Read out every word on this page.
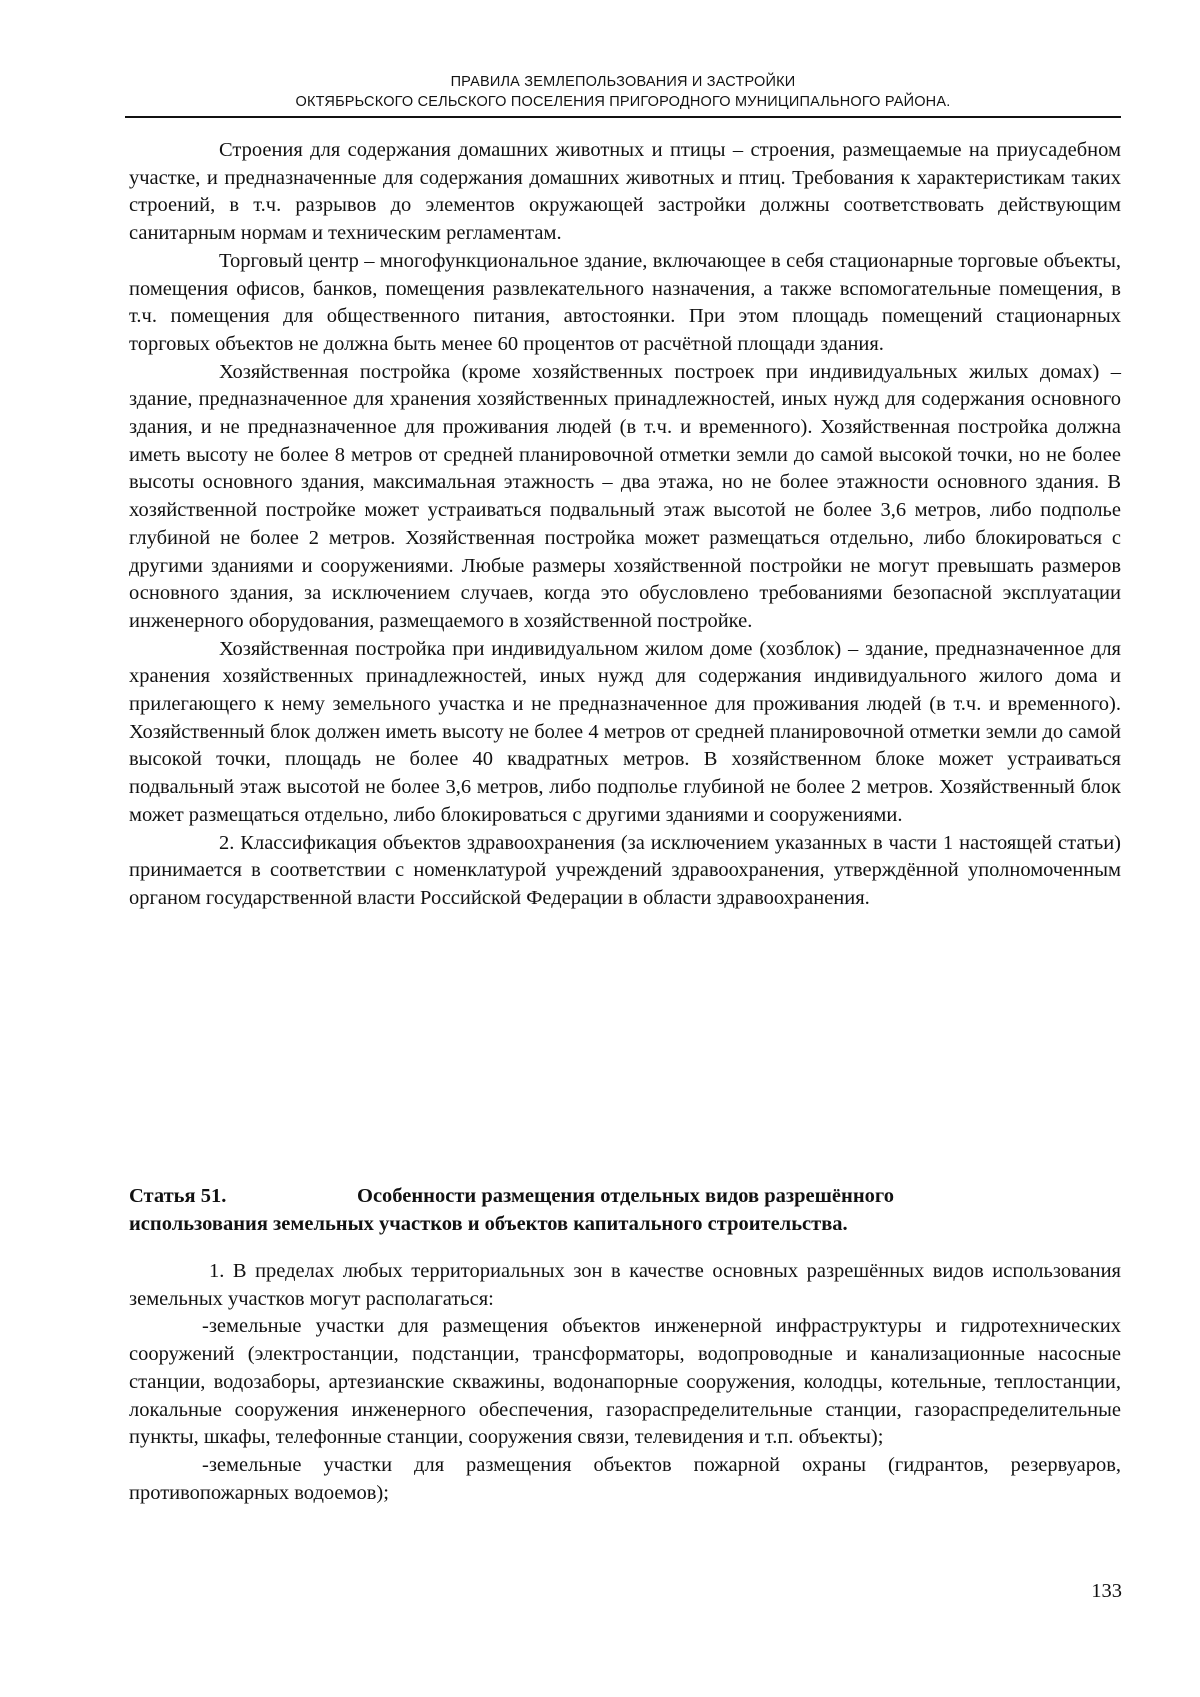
ПРАВИЛА ЗЕМЛЕПОЛЬЗОВАНИЯ И ЗАСТРОЙКИ
ОКТЯБРЬСКОГО СЕЛЬСКОГО ПОСЕЛЕНИЯ ПРИГОРОДНОГО МУНИЦИПАЛЬНОГО РАЙОНА.

Строения для содержания домашних животных и птицы – строения, размещаемые на приусадебном участке, и предназначенные для содержания домашних животных и птиц. Требования к характеристикам таких строений, в т.ч. разрывов до элементов окружающей застройки должны соответствовать действующим санитарным нормам и техническим регламентам.

Торговый центр – многофункциональное здание, включающее в себя стационарные торговые объекты, помещения офисов, банков, помещения развлекательного назначения, а также вспомогательные помещения, в т.ч. помещения для общественного питания, автостоянки. При этом площадь помещений стационарных торговых объектов не должна быть менее 60 процентов от расчётной площади здания.

Хозяйственная постройка (кроме хозяйственных построек при индивидуальных жилых домах) – здание, предназначенное для хранения хозяйственных принадлежностей, иных нужд для содержания основного здания, и не предназначенное для проживания людей (в т.ч. и временного). Хозяйственная постройка должна иметь высоту не более 8 метров от средней планировочной отметки земли до самой высокой точки, но не более высоты основного здания, максимальная этажность – два этажа, но не более этажности основного здания. В хозяйственной постройке может устраиваться подвальный этаж высотой не более 3,6 метров, либо подполье глубиной не более 2 метров. Хозяйственная постройка может размещаться отдельно, либо блокироваться с другими зданиями и сооружениями. Любые размеры хозяйственной постройки не могут превышать размеров основного здания, за исключением случаев, когда это обусловлено требованиями безопасной эксплуатации инженерного оборудования, размещаемого в хозяйственной постройке.

Хозяйственная постройка при индивидуальном жилом доме (хозблок) – здание, предназначенное для хранения хозяйственных принадлежностей, иных нужд для содержания индивидуального жилого дома и прилегающего к нему земельного участка и не предназначенное для проживания людей (в т.ч. и временного). Хозяйственный блок должен иметь высоту не более 4 метров от средней планировочной отметки земли до самой высокой точки, площадь не более 40 квадратных метров. В хозяйственном блоке может устраиваться подвальный этаж высотой не более 3,6 метров, либо подполье глубиной не более 2 метров. Хозяйственный блок может размещаться отдельно, либо блокироваться с другими зданиями и сооружениями.

2. Классификация объектов здравоохранения (за исключением указанных в части 1 настоящей статьи) принимается в соответствии с номенклатурой учреждений здравоохранения, утверждённой уполномоченным органом государственной власти Российской Федерации в области здравоохранения.

Статья 51.	Особенности размещения отдельных видов разрешённого
использования земельных участков и объектов капитального строительства.

1. В пределах любых территориальных зон в качестве основных разрешённых видов использования земельных участков могут располагаться:

-земельные участки для размещения объектов инженерной инфраструктуры и гидротехнических сооружений (электростанции, подстанции, трансформаторы, водопроводные и канализационные насосные станции, водозаборы, артезианские скважины, водонапорные сооружения, колодцы, котельные, теплостанции, локальные сооружения инженерного обеспечения, газораспределительные станции, газораспределительные пункты, шкафы, телефонные станции, сооружения связи, телевидения и т.п. объекты);

-земельные участки для размещения объектов пожарной охраны (гидрантов, резервуаров, противопожарных водоемов);

133
